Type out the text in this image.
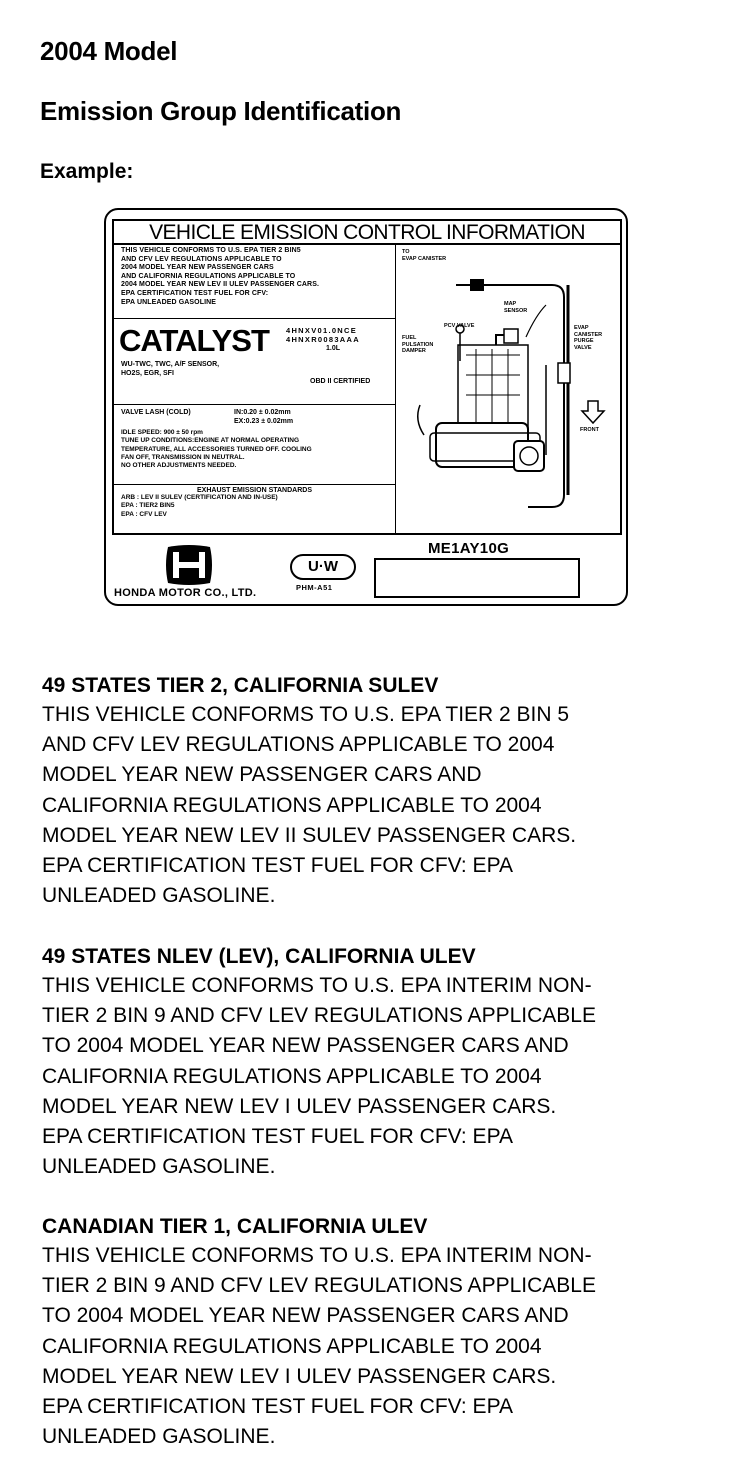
2004 Model
Emission Group Identification
Example:
VEHICLE EMISSION CONTROL INFORMATION
THIS VEHICLE CONFORMS TO U.S. EPA TIER 2 BIN5
AND CFV LEV REGULATIONS APPLICABLE TO
2004 MODEL YEAR NEW PASSENGER CARS
AND CALIFORNIA REGULATIONS APPLICABLE TO
2004 MODEL YEAR NEW LEV II ULEV PASSENGER CARS.
EPA CERTIFICATION TEST FUEL FOR CFV:
EPA UNLEADED GASOLINE
CATALYST 4HNXV01.0NCE
4HNXR0083AAA
1.0L
WU-TWC, TWC, A/F SENSOR,
HO2S, EGR, SFI
OBD II CERTIFIED
VALVE LASH (COLD)	IN:0.20 ± 0.02mm
EX:0.23 ± 0.02mm
IDLE SPEED: 900 ± 50 rpm
TUNE UP CONDITIONS:ENGINE AT NORMAL OPERATING
TEMPERATURE, ALL ACCESSORIES TURNED OFF. COOLING
FAN OFF, TRANSMISSION IN NEUTRAL.
NO OTHER ADJUSTMENTS NEEDED.
EXHAUST EMISSION STANDARDS
ARB : LEV II SULEV (CERTIFICATION AND IN-USE)
EPA : TIER2 BIN5
EPA : CFV LEV
TO
EVAP CANISTER
MAP
SENSOR
PCV VALVE
FUEL
PULSATION
DAMPER
EVAP
CANISTER
PURGE
VALVE
FRONT
HONDA MOTOR CO., LTD.
U·W
PHM-A51
ME1AY10G
49 STATES TIER 2, CALIFORNIA SULEV
THIS VEHICLE CONFORMS TO U.S. EPA TIER 2 BIN 5
AND CFV LEV REGULATIONS APPLICABLE TO 2004
MODEL YEAR NEW PASSENGER CARS AND
CALIFORNIA REGULATIONS APPLICABLE TO 2004
MODEL YEAR NEW LEV II SULEV PASSENGER CARS.
EPA CERTIFICATION TEST FUEL FOR CFV: EPA
UNLEADED GASOLINE.
49 STATES NLEV (LEV), CALIFORNIA ULEV
THIS VEHICLE CONFORMS TO U.S. EPA INTERIM NON-
TIER 2 BIN 9 AND CFV LEV REGULATIONS APPLICABLE
TO 2004 MODEL YEAR NEW PASSENGER CARS AND
CALIFORNIA REGULATIONS APPLICABLE TO 2004
MODEL YEAR NEW LEV I ULEV PASSENGER CARS.
EPA CERTIFICATION TEST FUEL FOR CFV: EPA
UNLEADED GASOLINE.
CANADIAN TIER 1, CALIFORNIA ULEV
THIS VEHICLE CONFORMS TO U.S. EPA INTERIM NON-
TIER 2 BIN 9 AND CFV LEV REGULATIONS APPLICABLE
TO 2004 MODEL YEAR NEW PASSENGER CARS AND
CALIFORNIA REGULATIONS APPLICABLE TO 2004
MODEL YEAR NEW LEV I ULEV PASSENGER CARS.
EPA CERTIFICATION TEST FUEL FOR CFV: EPA
UNLEADED GASOLINE.
